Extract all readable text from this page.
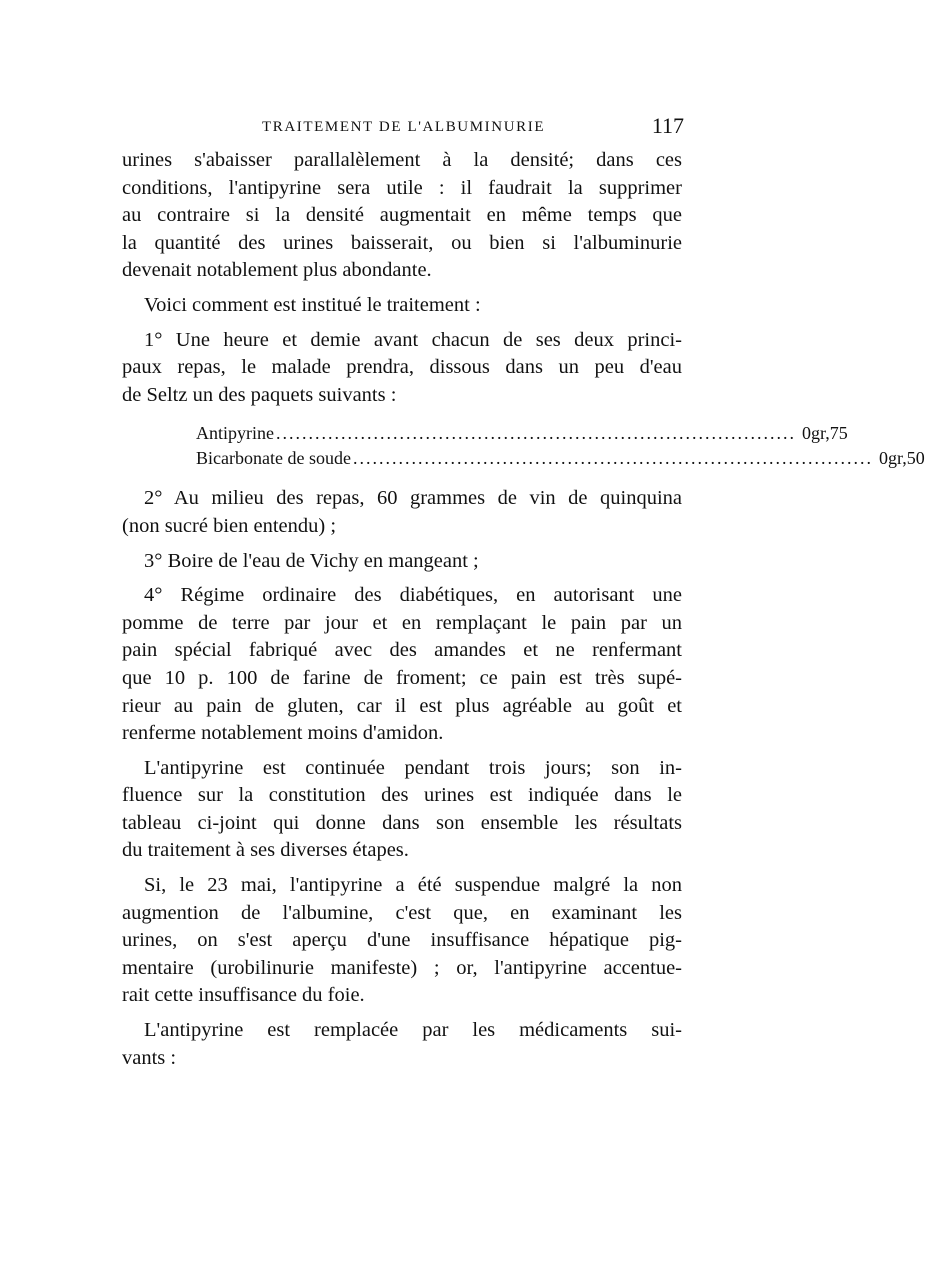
TRAITEMENT DE L'ALBUMINURIE	117

urines s'abaisser parallalèlement à la densité; dans ces
conditions, l'antipyrine sera utile : il faudrait la supprimer
au contraire si la densité augmentait en même temps que
la quantité des urines baisserait, ou bien si l'albuminurie
devenait notablement plus abondante.

Voici comment est institué le traitement :

1° Une heure et demie avant chacun de ses deux princi-
paux repas, le malade prendra, dissous dans un peu d'eau
de Seltz un des paquets suivants :

Antipyrine ................................................................................ 0gr,75
Bicarbonate de soude ................................................................................ 0gr,50

2° Au milieu des repas, 60 grammes de vin de quinquina
(non sucré bien entendu) ;

3° Boire de l'eau de Vichy en mangeant ;

4° Régime ordinaire des diabétiques, en autorisant une
pomme de terre par jour et en remplaçant le pain par un
pain spécial fabriqué avec des amandes et ne renfermant
que 10 p. 100 de farine de froment; ce pain est très supé-
rieur au pain de gluten, car il est plus agréable au goût et
renferme notablement moins d'amidon.

L'antipyrine est continuée pendant trois jours; son in-
fluence sur la constitution des urines est indiquée dans le
tableau ci-joint qui donne dans son ensemble les résultats
du traitement à ses diverses étapes.

Si, le 23 mai, l'antipyrine a été suspendue malgré la non
augmention de l'albumine, c'est que, en examinant les
urines, on s'est aperçu d'une insuffisance hépatique pig-
mentaire (urobilinurie manifeste) ; or, l'antipyrine accentue-
rait cette insuffisance du foie.

L'antipyrine est remplacée par les médicaments sui-
vants :
